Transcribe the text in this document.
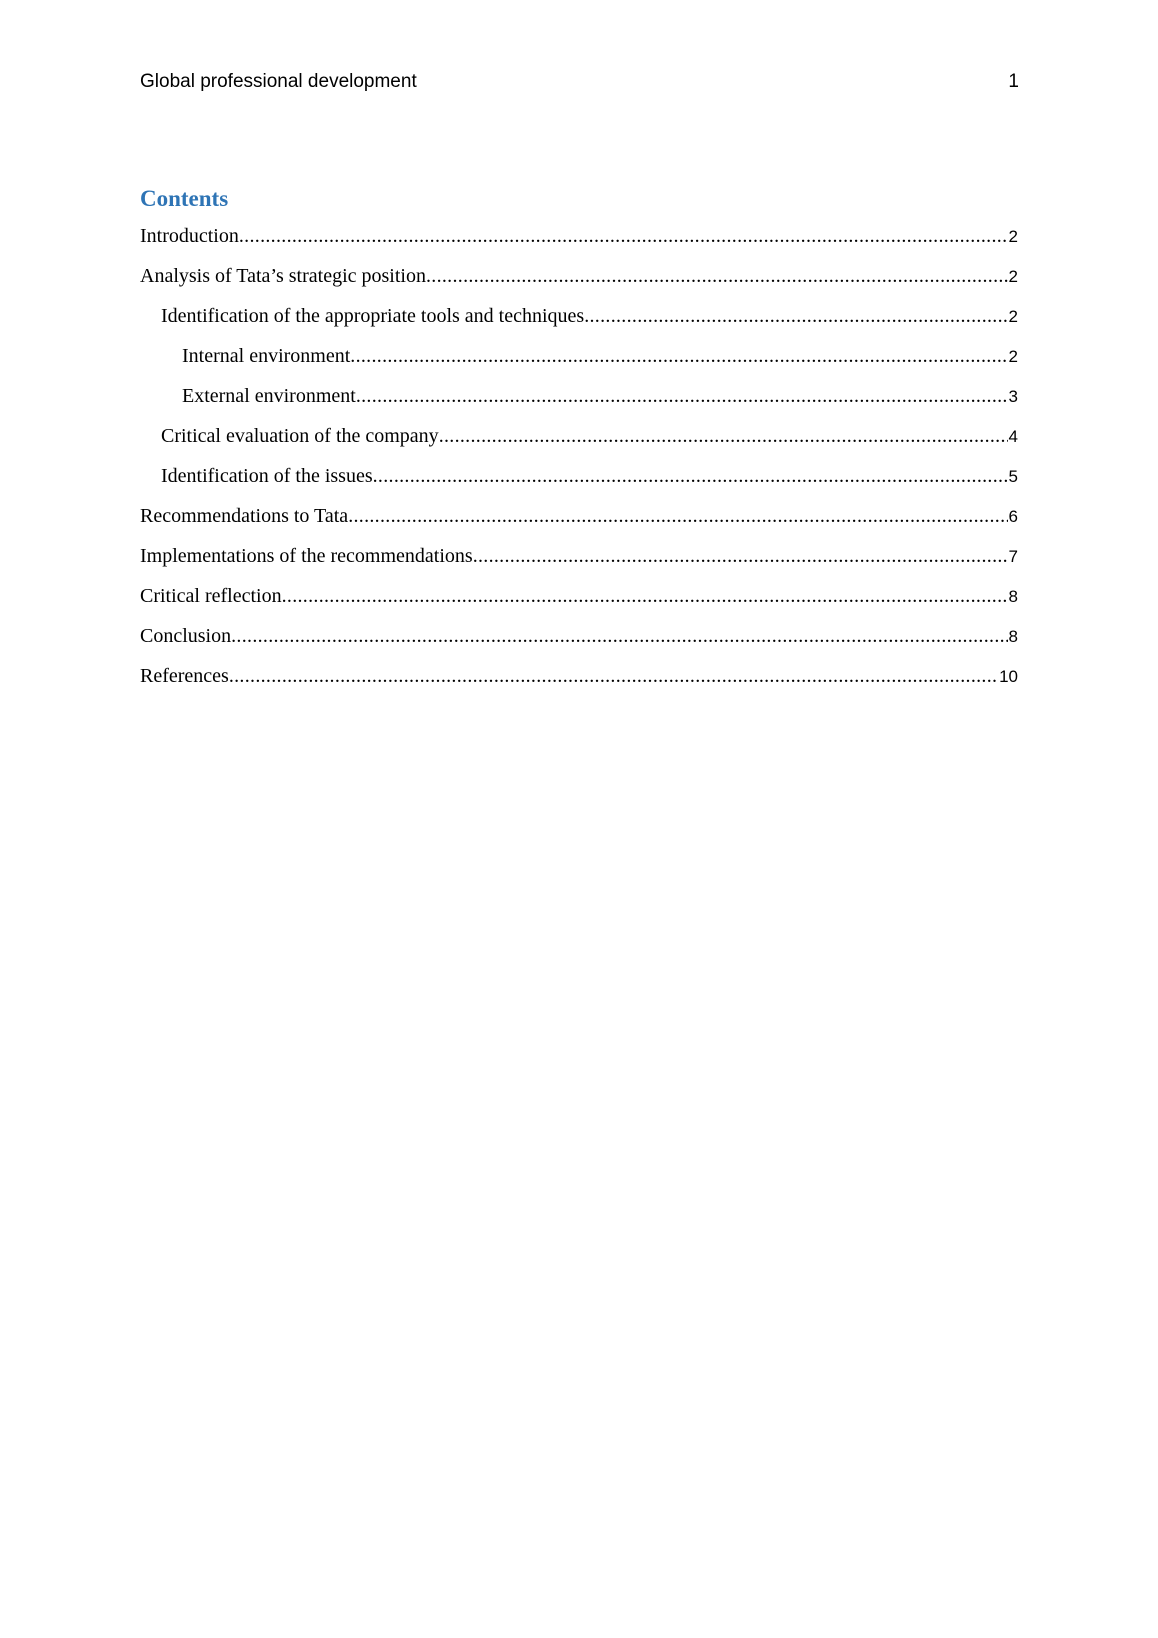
Global professional development	1
Contents
Introduction .....	2
Analysis of Tata’s strategic position .....	2
Identification of the appropriate tools and techniques .....	2
Internal environment .....	2
External environment .....	3
Critical evaluation of the company .....	4
Identification of the issues .....	5
Recommendations to Tata .....	6
Implementations of the recommendations .....	7
Critical reflection .....	8
Conclusion .....	8
References .....	10
